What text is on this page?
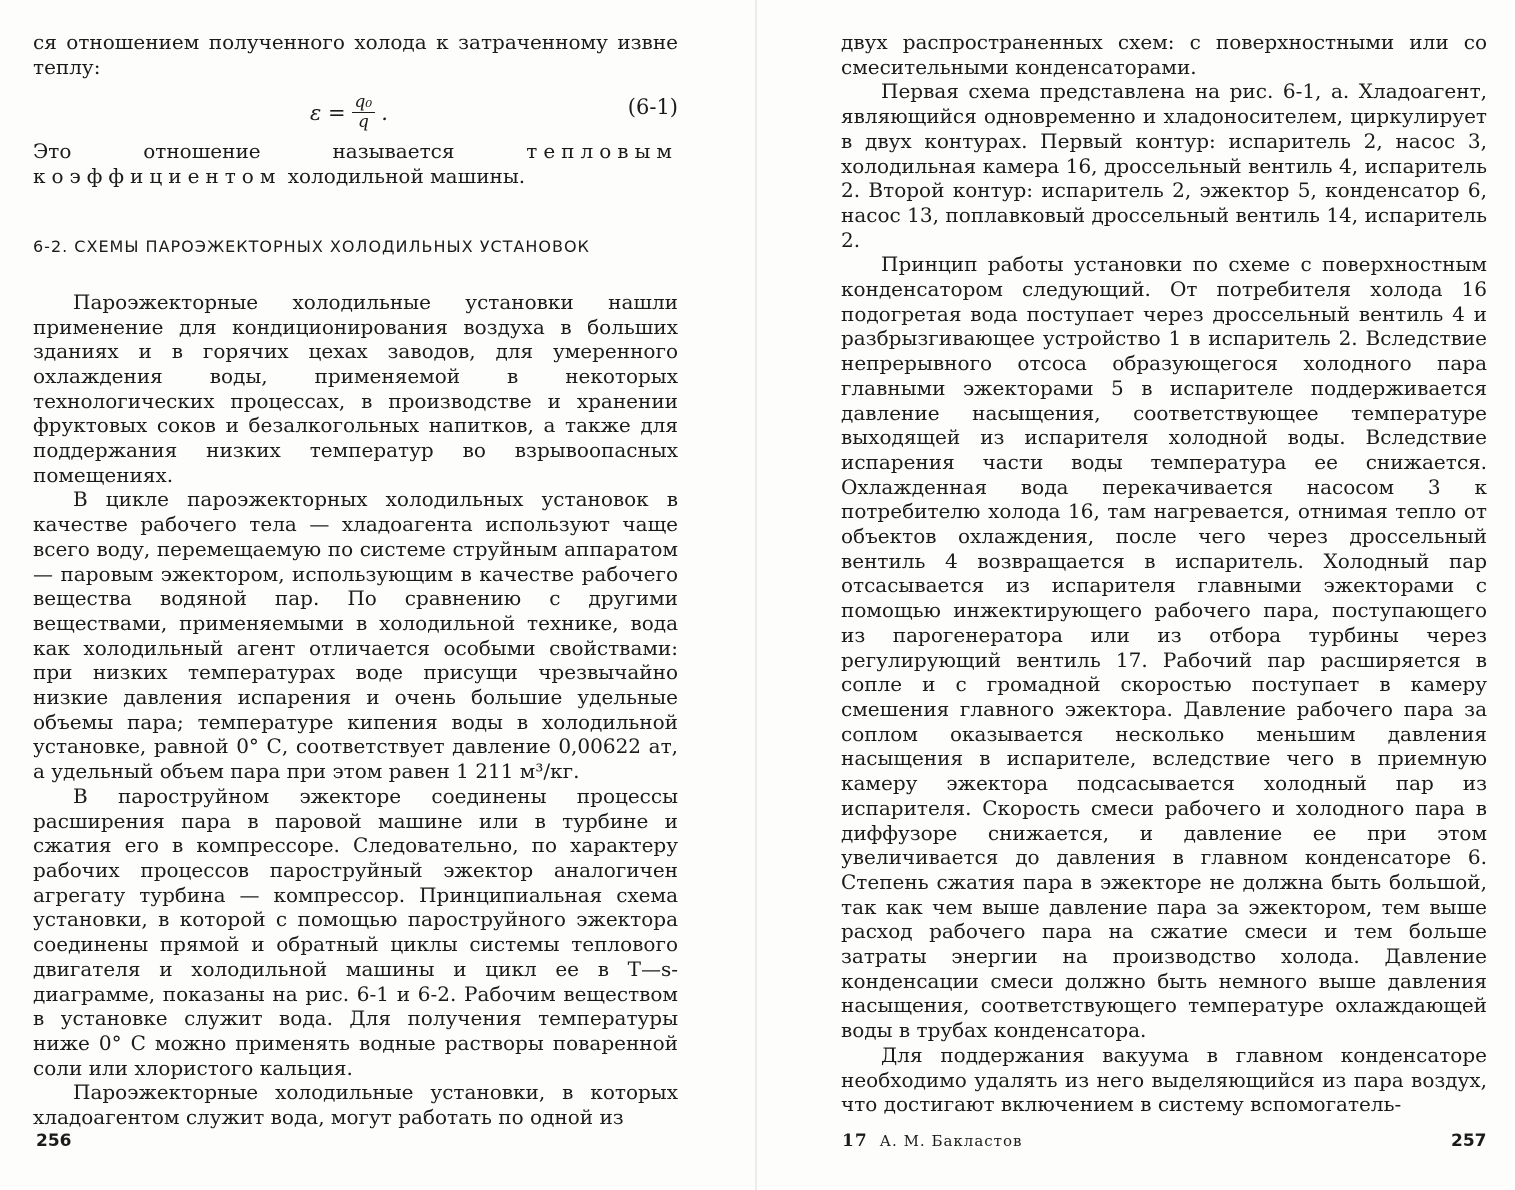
ся отношением полученного холода к затраченному извне теплу:

$\varepsilon = \frac{\text{q₀}}{q}$ .	(6-1)

Это отношение называется тепловым коэффициентом холодильной машины.

6-2. СХЕМЫ ПАРОЭЖЕКТОРНЫХ ХОЛОДИЛЬНЫХ УСТАНОВОК

Пароэжекторные холодильные установки нашли применение для кондиционирования воздуха в больших зданиях и в горячих цехах заводов, для умеренного охлаждения воды, применяемой в некоторых технологических процессах, в производстве и хранении фруктовых соков и безалкогольных напитков, а также для поддержания низких температур во взрывоопасных помещениях.

В цикле пароэжекторных холодильных установок в качестве рабочего тела — хладоагента используют чаще всего воду, перемещаемую по системе струйным аппаратом — паровым эжектором, использующим в качестве рабочего вещества водяной пар. По сравнению с другими веществами, применяемыми в холодильной технике, вода как холодильный агент отличается особыми свойствами: при низких температурах воде присущи чрезвычайно низкие давления испарения и очень большие удельные объемы пара; температуре кипения воды в холодильной установке, равной 0° С, соответствует давление 0,00622 ат, а удельный объем пара при этом равен 1 211 м³/кг.

В пароструйном эжекторе соединены процессы расширения пара в паровой машине или в турбине и сжатия его в компрессоре. Следовательно, по характеру рабочих процессов пароструйный эжектор аналогичен агрегату турбина — компрессор. Принципиальная схема установки, в которой с помощью пароструйного эжектора соединены прямой и обратный циклы системы теплового двигателя и холодильной машины и цикл ее в T—s-диаграмме, показаны на рис. 6-1 и 6-2. Рабочим веществом в установке служит вода. Для получения температуры ниже 0° С можно применять водные растворы поваренной соли или хлористого кальция.

Пароэжекторные холодильные установки, в которых хладоагентом служит вода, могут работать по одной из

256

двух распространенных схем: с поверхностными или со смесительными конденсаторами.

Первая схема представлена на рис. 6-1, а. Хладоагент, являющийся одновременно и хладоносителем, циркулирует в двух контурах. Первый контур: испаритель 2, насос 3, холодильная камера 16, дроссельный вентиль 4, испаритель 2. Второй контур: испаритель 2, эжектор 5, конденсатор 6, насос 13, поплавковый дроссельный вентиль 14, испаритель 2.

Принцип работы установки по схеме с поверхностным конденсатором следующий. От потребителя холода 16 подогретая вода поступает через дроссельный вентиль 4 и разбрызгивающее устройство 1 в испаритель 2. Вследствие непрерывного отсоса образующегося холодного пара главными эжекторами 5 в испарителе поддерживается давление насыщения, соответствующее температуре выходящей из испарителя холодной воды. Вследствие испарения части воды температура ее снижается. Охлажденная вода перекачивается насосом 3 к потребителю холода 16, там нагревается, отнимая тепло от объектов охлаждения, после чего через дроссельный вентиль 4 возвращается в испаритель. Холодный пар отсасывается из испарителя главными эжекторами с помощью инжектирующего рабочего пара, поступающего из парогенератора или из отбора турбины через регулирующий вентиль 17. Рабочий пар расширяется в сопле и с громадной скоростью поступает в камеру смешения главного эжектора. Давление рабочего пара за соплом оказывается несколько меньшим давления насыщения в испарителе, вследствие чего в приемную камеру эжектора подсасывается холодный пар из испарителя. Скорость смеси рабочего и холодного пара в диффузоре снижается, и давление ее при этом увеличивается до давления в главном конденсаторе 6. Степень сжатия пара в эжекторе не должна быть большой, так как чем выше давление пара за эжектором, тем выше расход рабочего пара на сжатие смеси и тем больше затраты энергии на производство холода. Давление конденсации смеси должно быть немного выше давления насыщения, соответствующего температуре охлаждающей воды в трубах конденсатора.

Для поддержания вакуума в главном конденсаторе необходимо удалять из него выделяющийся из пара воздух, что достигают включением в систему вспомогатель-

17 А. М. Бакластов	257
